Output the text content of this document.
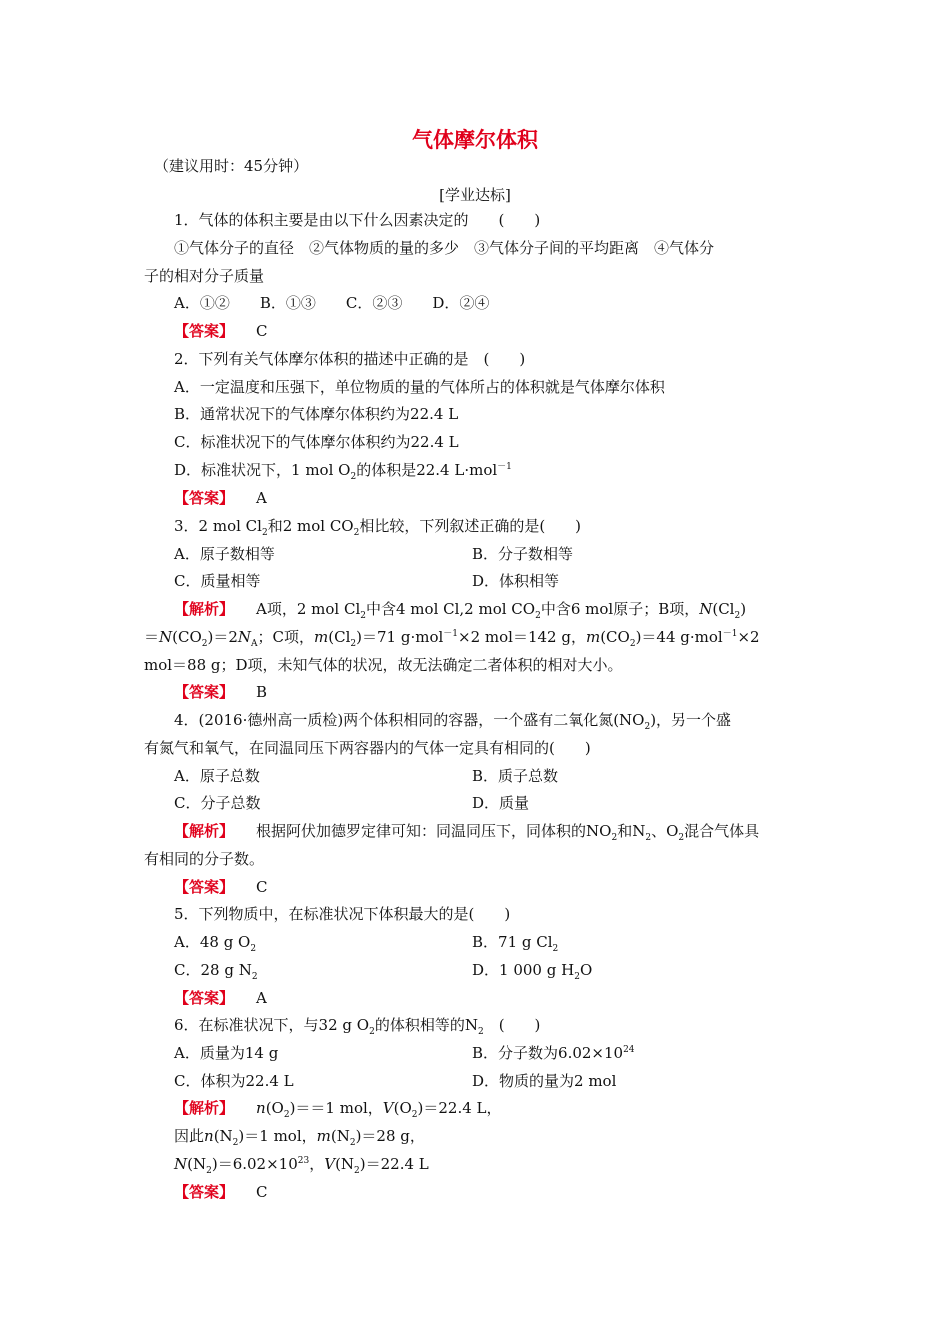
气体摩尔体积
（建议用时：45分钟）
[学业达标]
1．气体的体积主要是由以下什么因素决定的　　(　　)
①气体分子的直径　②气体物质的量的多少　③气体分子间的平均距离　④气体分
子的相对分子质量
A．①②　　B．①③　　C．②③　　D．②④
【答案】 C
2．下列有关气体摩尔体积的描述中正确的是　(　　)
A．一定温度和压强下，单位物质的量的气体所占的体积就是气体摩尔体积
B．通常状况下的气体摩尔体积约为22.4 L
C．标准状况下的气体摩尔体积约为22.4 L
D．标准状况下，1 mol $O_2$的体积是22.4 L·mol$^{-1}$
【答案】 A
3．2 mol $Cl_2$和2 mol $CO_2$相比较，下列叙述正确的是(　　)
A．原子数相等	B．分子数相等
C．质量相等	D．体积相等
【解析】 A项，2 mol $Cl_2$中含4 mol Cl,2 mol $CO_2$中含6 mol原子；B项，$N(Cl_2)$
$=N(CO_2)=2N_A$；C项，$m(Cl_2)=71$ g·mol$^{-1}$×2 mol＝142 g，$m(CO_2)=44$ g·mol$^{-1}$×2
mol＝88 g；D项，未知气体的状况，故无法确定二者体积的相对大小。
【答案】 B
4．(2016·德州高一质检)两个体积相同的容器，一个盛有二氧化氮$(NO_2)$，另一个盛
有氮气和氧气，在同温同压下两容器内的气体一定具有相同的(　　)
A．原子总数	B．质子总数
C．分子总数	D．质量
【解析】 根据阿伏加德罗定律可知：同温同压下，同体积的$NO_2$和$N_2$、$O_2$混合气体具
有相同的分子数。
【答案】 C
5．下列物质中，在标准状况下体积最大的是(　　)
A．48 g $O_2$	B．71 g $Cl_2$
C．28 g $N_2$	D．1 000 g $H_2O$
【答案】 A
6．在标准状况下，与32 g $O_2$的体积相等的$N_2$　(　　)
A．质量为14 g	B．分子数为$6.02\times 10^{24}$
C．体积为22.4 L	D．物质的量为2 mol
【解析】 $n(O_2)==1$ mol，$V(O_2)=22.4$ L，
因此$n(N_2)=1$ mol，$m(N_2)=28$ g，
$N(N_2)=6.02\times 10^{23}$，$V(N_2)=22.4$ L
【答案】 C
